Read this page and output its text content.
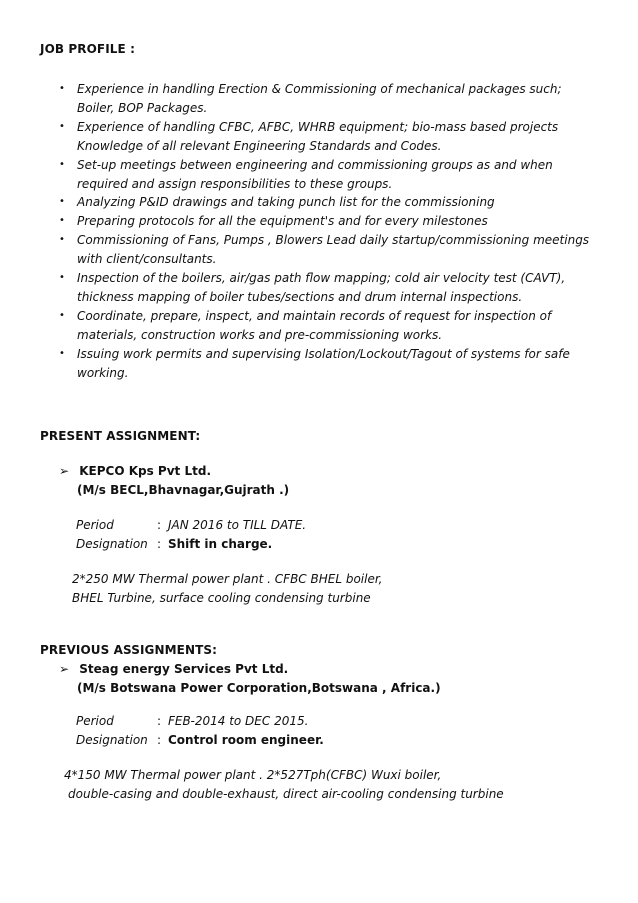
JOB PROFILE :
• Experience in handling Erection & Commissioning of mechanical packages such;
Boiler, BOP Packages.
• Experience of handling CFBC, AFBC, WHRB equipment; bio-mass based projects
Knowledge of all relevant Engineering Standards and Codes.
• Set-up meetings between engineering and commissioning groups as and when
required and assign responsibilities to these groups.
• Analyzing P&ID drawings and taking punch list for the commissioning
• Preparing protocols for all the equipment's and for every milestones
• Commissioning of Fans, Pumps , Blowers Lead daily startup/commissioning meetings
with client/consultants.
• Inspection of the boilers, air/gas path flow mapping; cold air velocity test (CAVT),
thickness mapping of boiler tubes/sections and drum internal inspections.
• Coordinate, prepare, inspect, and maintain records of request for inspection of
materials, construction works and pre-commissioning works.
• Issuing work permits and supervising Isolation/Lockout/Tagout of systems for safe
working.
PRESENT ASSIGNMENT:
➢ KEPCO Kps Pvt Ltd.
(M/s BECL,Bhavnagar,Gujrath .)
Period	: JAN 2016 to TILL DATE.
Designation : Shift in charge.
2*250 MW Thermal power plant . CFBC BHEL boiler,
BHEL Turbine, surface cooling condensing turbine
PREVIOUS ASSIGNMENTS:
➢ Steag energy Services Pvt Ltd.
(M/s Botswana Power Corporation,Botswana , Africa.)
Period	: FEB-2014 to DEC 2015.
Designation : Control room engineer.
4*150 MW Thermal power plant . 2*527Tph(CFBC) Wuxi boiler,
double-casing and double-exhaust, direct air-cooling condensing turbine
